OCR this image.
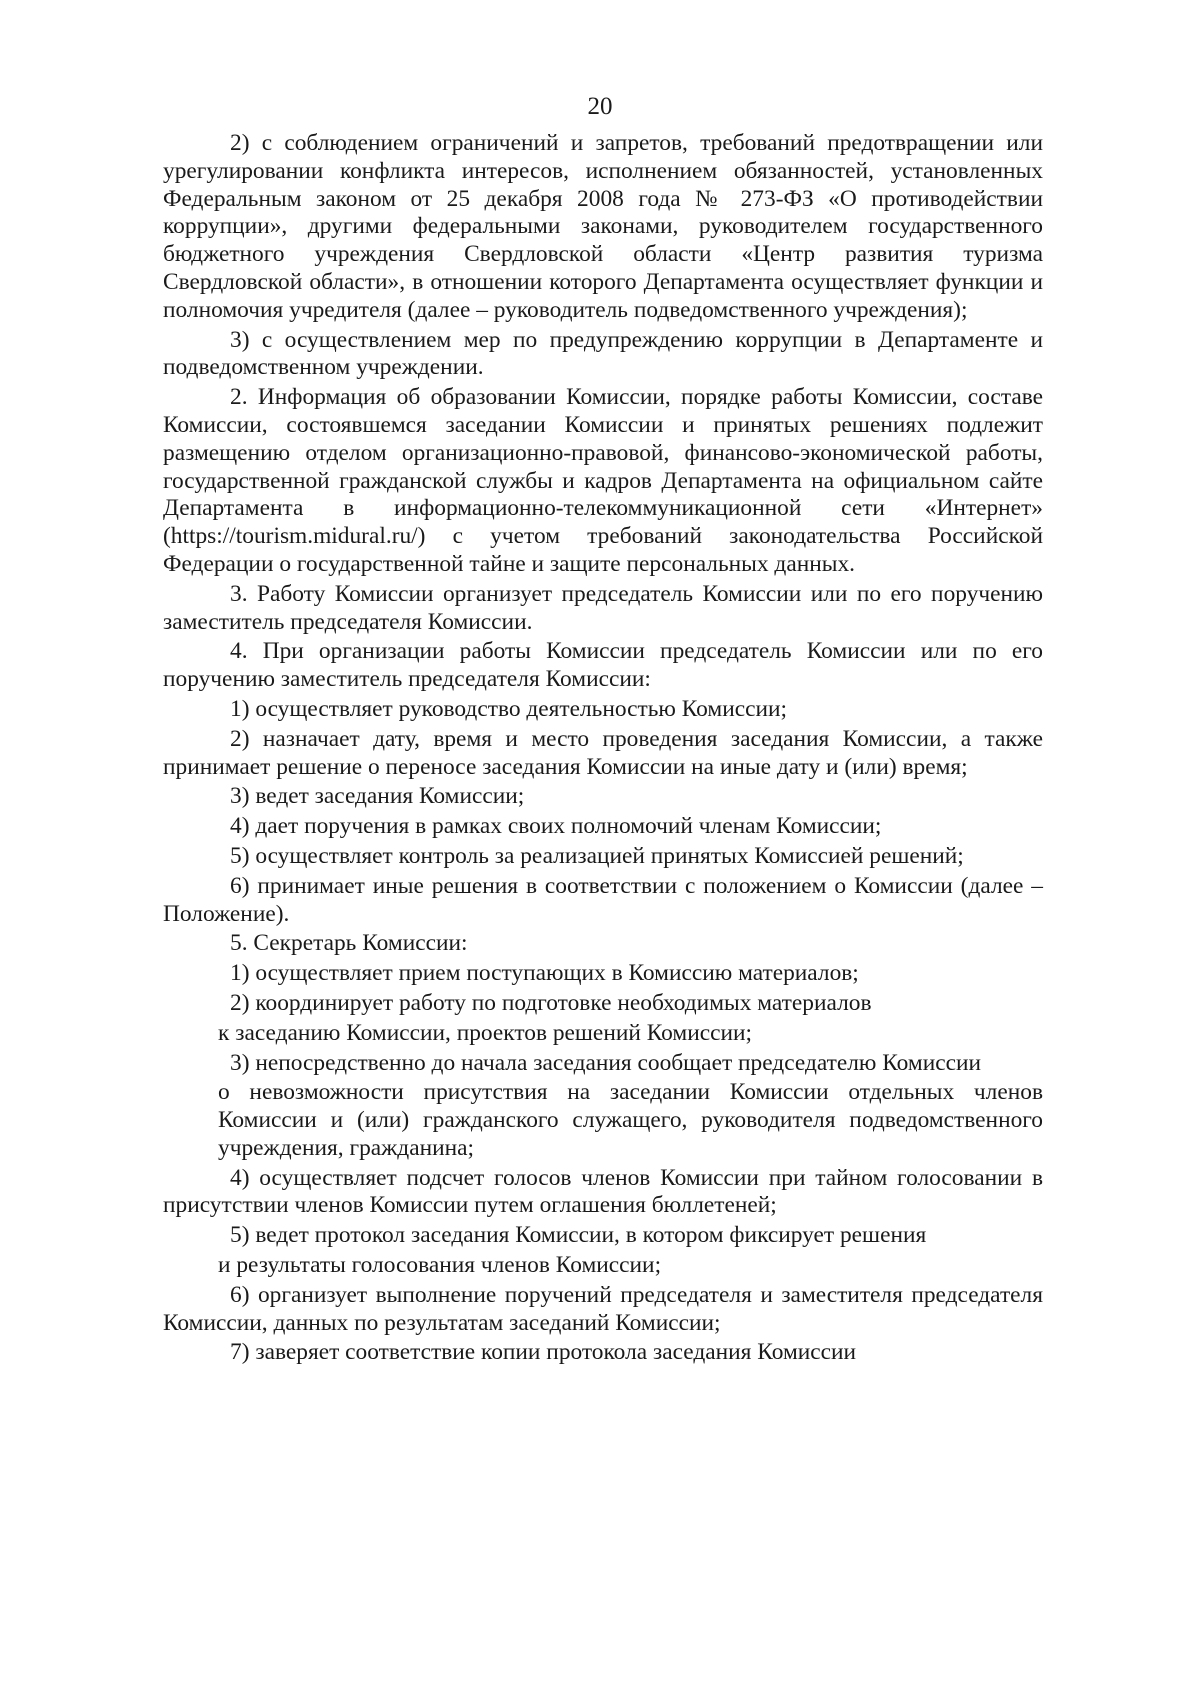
20

2) с соблюдением ограничений и запретов, требований предотвращении или урегулировании конфликта интересов, исполнением обязанностей, установленных Федеральным законом от 25 декабря 2008 года № 273-ФЗ «О противодействии коррупции», другими федеральными законами, руководителем государственного бюджетного учреждения Свердловской области «Центр развития туризма Свердловской области», в отношении которого Департамента осуществляет функции и полномочия учредителя (далее – руководитель подведомственного учреждения);

3) с осуществлением мер по предупреждению коррупции в Департаменте и подведомственном учреждении.

2. Информация об образовании Комиссии, порядке работы Комиссии, составе Комиссии, состоявшемся заседании Комиссии и принятых решениях подлежит размещению отделом организационно-правовой, финансово-экономической работы, государственной гражданской службы и кадров Департамента на официальном сайте Департамента в информационно-телекоммуникационной сети «Интернет» (https://tourism.midural.ru/) с учетом требований законодательства Российской Федерации о государственной тайне и защите персональных данных.

3. Работу Комиссии организует председатель Комиссии или по его поручению заместитель председателя Комиссии.

4. При организации работы Комиссии председатель Комиссии или по его поручению заместитель председателя Комиссии:

1) осуществляет руководство деятельностью Комиссии;

2) назначает дату, время и место проведения заседания Комиссии, а также принимает решение о переносе заседания Комиссии на иные дату и (или) время;

3) ведет заседания Комиссии;

4) дает поручения в рамках своих полномочий членам Комиссии;

5) осуществляет контроль за реализацией принятых Комиссией решений;

6) принимает иные решения в соответствии с положением о Комиссии (далее – Положение).

5. Секретарь Комиссии:

1) осуществляет прием поступающих в Комиссию материалов;

2) координирует работу по подготовке необходимых материалов

к заседанию Комиссии, проектов решений Комиссии;

3) непосредственно до начала заседания сообщает председателю Комиссии

о невозможности присутствия на заседании Комиссии отдельных членов Комиссии и (или) гражданского служащего, руководителя подведомственного учреждения, гражданина;

4) осуществляет подсчет голосов членов Комиссии при тайном голосовании в присутствии членов Комиссии путем оглашения бюллетеней;

5) ведет протокол заседания Комиссии, в котором фиксирует решения

и результаты голосования членов Комиссии;

6) организует выполнение поручений председателя и заместителя председателя Комиссии, данных по результатам заседаний Комиссии;

7) заверяет соответствие копии протокола заседания Комиссии
